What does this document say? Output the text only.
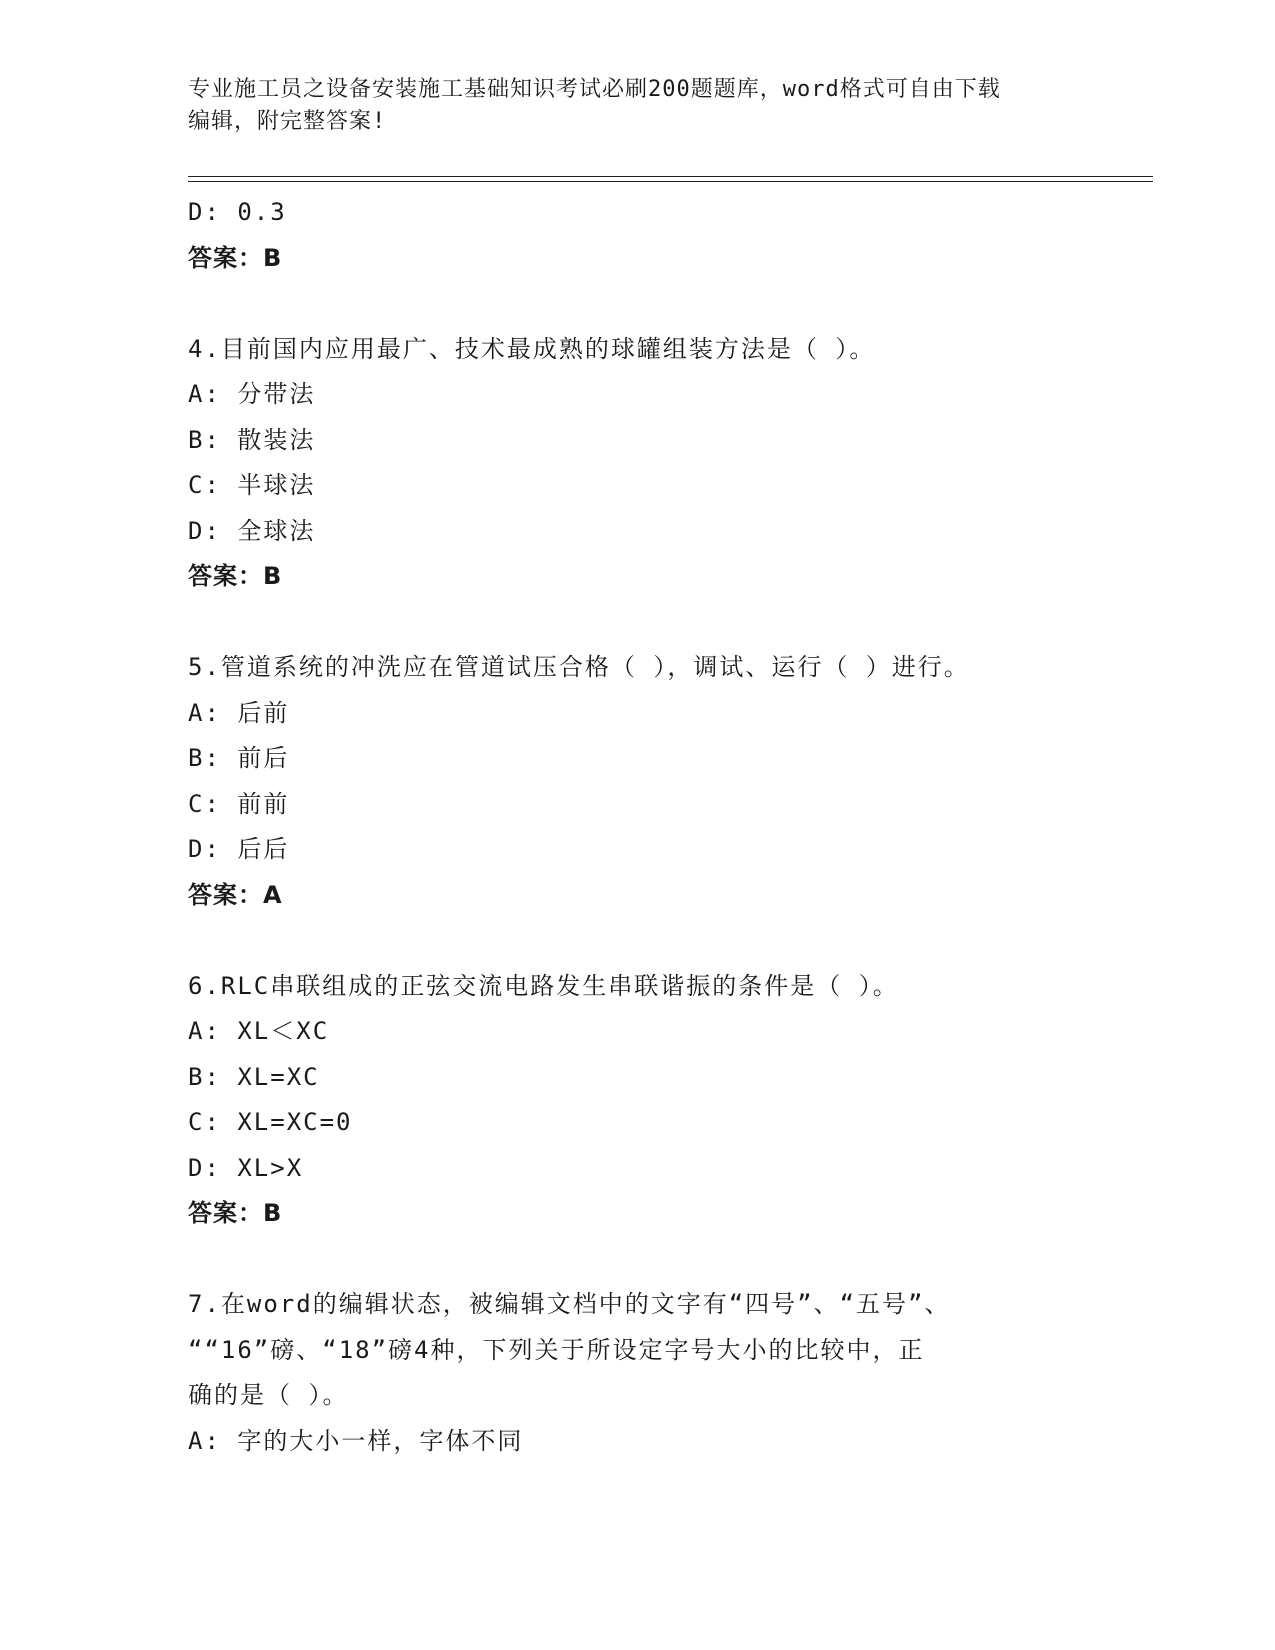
专业施工员之设备安装施工基础知识考试必刷200题题库，word格式可自由下载
编辑，附完整答案!
D: 0.3
答案：B
4.目前国内应用最广、技术最成熟的球罐组装方法是（ ）。
A: 分带法
B: 散装法
C: 半球法
D: 全球法
答案：B
5.管道系统的冲洗应在管道试压合格（ ），调试、运行（ ）进行。
A: 后前
B: 前后
C: 前前
D: 后后
答案：A
6.RLC串联组成的正弦交流电路发生串联谐振的条件是（ ）。
A: XL＜XC
B: XL=XC
C: XL=XC=0
D: XL>X
答案：B
7.在word的编辑状态，被编辑文档中的文字有“四号”、“五号”、
““16”磅、“18”磅4种，下列关于所设定字号大小的比较中，正
确的是（ ）。
A: 字的大小一样，字体不同
